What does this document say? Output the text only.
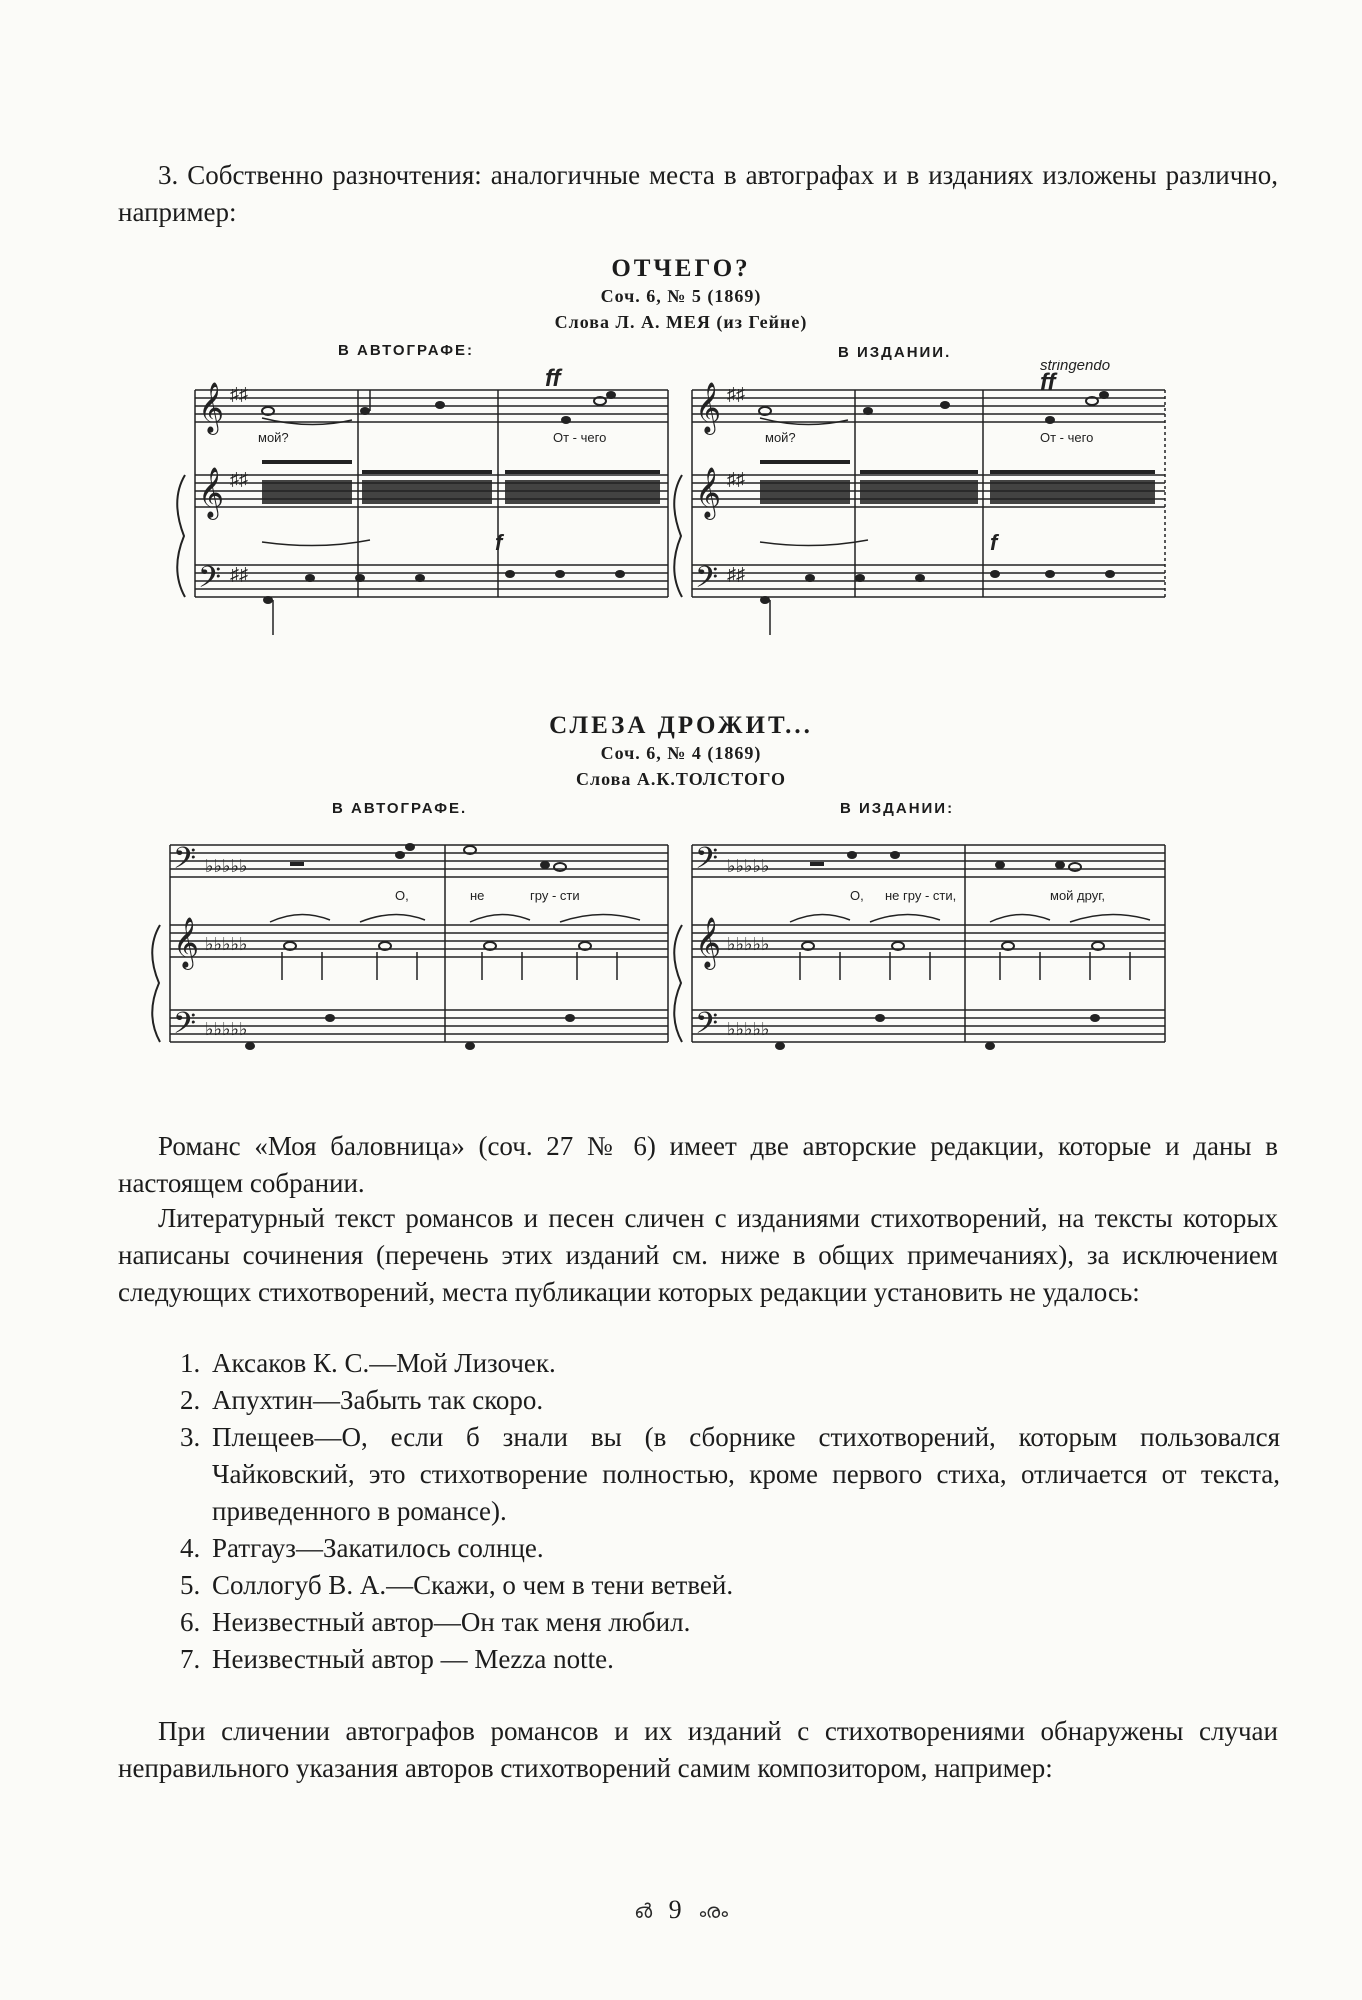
3. Собственно разночтения: аналогичные места в автографах и в изданиях изложены различно, например:

ОТЧЕГО?
Соч. 6, № 5 (1869)
Слова Л. А. МЕЯ (из Гейне)
В АВТОГРАФЕ:	В ИЗДАНИИ.
𝄞
𝄞
𝄢
𝄞
𝄞
𝄢
♯♯
♯♯
♯♯
♯♯
♯♯
♯♯
ff
f
мой?	От - чего
stringendo
ff
f
мой?	От - чего
СЛЕЗА ДРОЖИТ...
Соч. 6, № 4 (1869)
Слова А.К.ТОЛСТОГО
В АВТОГРАФЕ.	В ИЗДАНИИ:
𝄢
𝄞
𝄢
𝄢
𝄞
𝄢
♭♭♭♭♭
♭♭♭♭♭
♭♭♭♭♭
♭♭♭♭♭
♭♭♭♭♭
♭♭♭♭♭
О,	не	гру - сти	О, не гру - сти,	мой друг,

Романс «Моя баловница» (соч. 27 № 6) имеет две авторские редакции, которые и даны в настоящем собрании.

Литературный текст романсов и песен сличен с изданиями стихотворений, на тексты которых написаны сочинения (перечень этих изданий см. ниже в общих примечаниях), за исключением следующих стихотворений, места публикации которых редакции установить не удалось:

1. Аксаков К. С.—Мой Лизочек.
2. Апухтин—Забыть так скоро.
3. Плещеев—О, если б знали вы (в сборнике стихотворений, которым пользовался Чайковский, это стихотворение полностью, кроме первого стиха, отличается от текста, приведенного в романсе).
4. Ратгауз—Закатилось солнце.
5. Соллогуб В. А.—Скажи, о чем в тени ветвей.
6. Неизвестный автор—Он так меня любил.
7. Неизвестный автор — Mezza notte.

При сличении автографов романсов и их изданий с стихотворениями обнаружены случаи неправильного указания авторов стихотворений самим композитором, например:

൴ 9 ൟ
